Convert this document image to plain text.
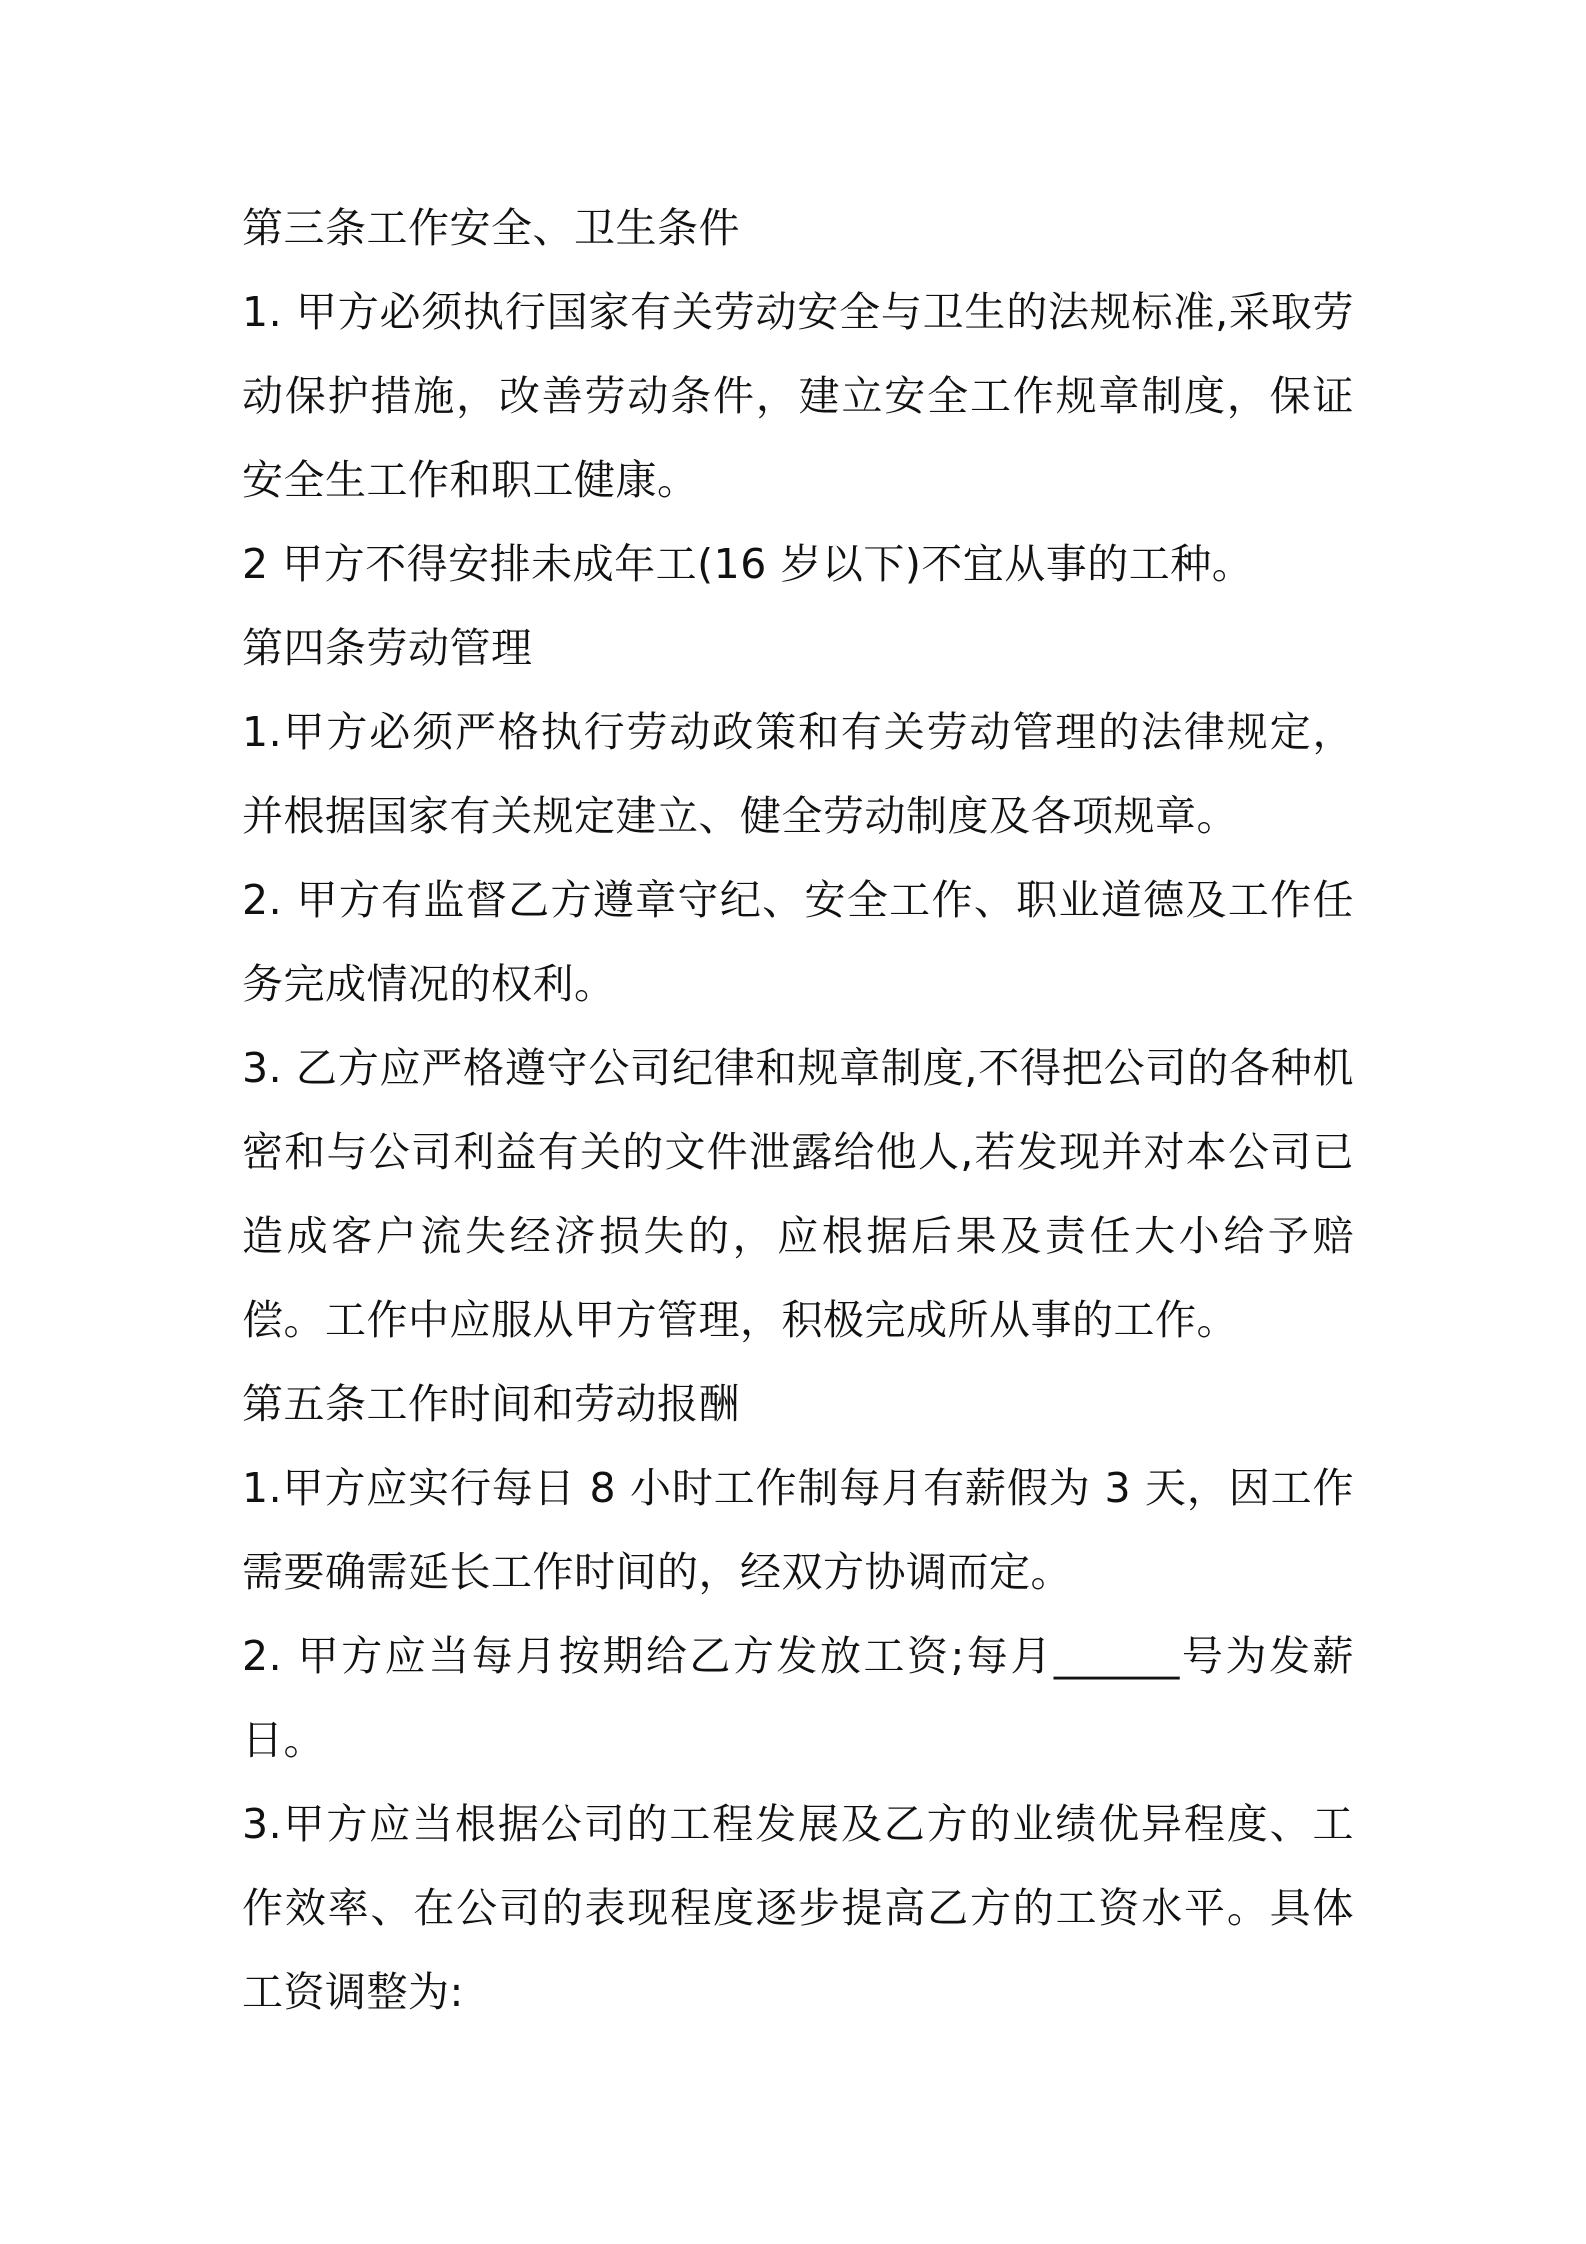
第三条工作安全、卫生条件

1. 甲方必须执行国家有关劳动安全与卫生的法规标准,采取劳动保护措施，改善劳动条件，建立安全工作规章制度，保证安全生工作和职工健康。

2 甲方不得安排未成年工(16 岁以下)不宜从事的工种。

第四条劳动管理

1.甲方必须严格执行劳动政策和有关劳动管理的法律规定，并根据国家有关规定建立、健全劳动制度及各项规章。

2. 甲方有监督乙方遵章守纪、安全工作、职业道德及工作任务完成情况的权利。

3. 乙方应严格遵守公司纪律和规章制度,不得把公司的各种机密和与公司利益有关的文件泄露给他人,若发现并对本公司已造成客户流失经济损失的，应根据后果及责任大小给予赔偿。工作中应服从甲方管理，积极完成所从事的工作。

第五条工作时间和劳动报酬

1.甲方应实行每日 8 小时工作制每月有薪假为 3 天，因工作需要确需延长工作时间的，经双方协调而定。

2. 甲方应当每月按期给乙方发放工资;每月______号为发薪日。

3.甲方应当根据公司的工程发展及乙方的业绩优异程度、工作效率、在公司的表现程度逐步提高乙方的工资水平。具体工资调整为:
